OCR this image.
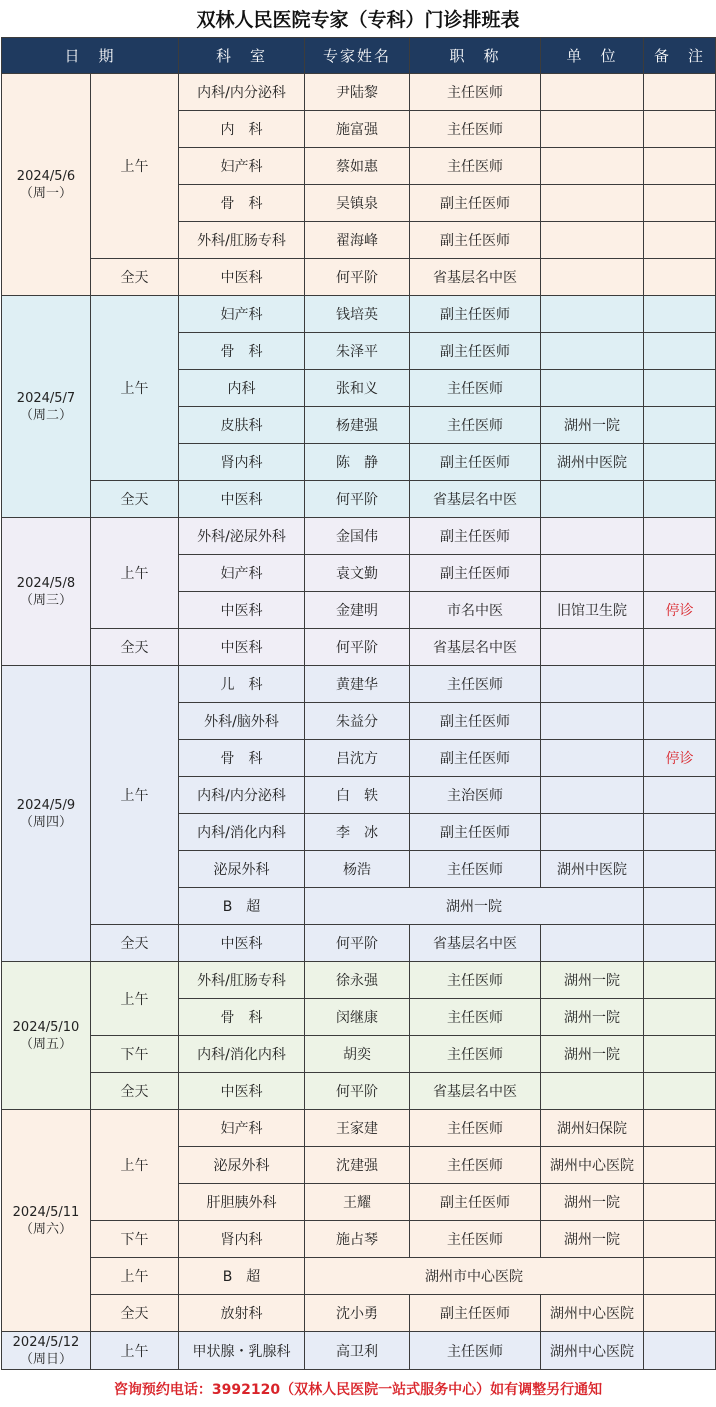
双林人民医院专家（专科）门诊排班表
日　期		科　室	专家姓名	职　称	单　位	备　注

2024/5/6
（周一）	上午	内科/内分泌科	尹陆黎	主任医师		
		内　科	施富强	主任医师		
		妇产科	蔡如惠	主任医师		
		骨　科	吴镇泉	副主任医师		
		外科/肛肠专科	翟海峰	副主任医师		
	全天	中医科	何平阶	省基层名中医		

2024/5/7
（周二）	上午	妇产科	钱培英	副主任医师		
		骨　科	朱泽平	副主任医师		
		内科	张和义	主任医师		
		皮肤科	杨建强	主任医师	湖州一院	
		肾内科	陈　静	副主任医师	湖州中医院	
	全天	中医科	何平阶	省基层名中医		

2024/5/8
（周三）	上午	外科/泌尿外科	金国伟	副主任医师		
		妇产科	袁文勤	副主任医师		
		中医科	金建明	市名中医	旧馆卫生院	停诊
	全天	中医科	何平阶	省基层名中医		

2024/5/9
（周四）	上午	儿　科	黄建华	主任医师		
		外科/脑外科	朱益分	副主任医师		
		骨　科	吕沈方	副主任医师		停诊
		内科/内分泌科	白　轶	主治医师		
		内科/消化内科	李　冰	副主任医师		
		泌尿外科	杨浩	主任医师	湖州中医院	
		B　超	湖州一院			
	全天	中医科	何平阶	省基层名中医		

2024/5/10
（周五）	上午	外科/肛肠专科	徐永强	主任医师	湖州一院	
		骨　科	闵继康	主任医师	湖州一院	
	下午	内科/消化内科	胡奕	主任医师	湖州一院	
	全天	中医科	何平阶	省基层名中医		

2024/5/11
（周六）	上午	妇产科	王家建	主任医师	湖州妇保院	
		泌尿外科	沈建强	主任医师	湖州中心医院	
		肝胆胰外科	王耀	副主任医师	湖州一院	
	下午	肾内科	施占琴	主任医师	湖州一院	
	上午	B　超	湖州市中心医院			
	全天	放射科	沈小勇	副主任医师	湖州中心医院	

2024/5/12
（周日）	上午	甲状腺・乳腺科	高卫利	主任医师	湖州中心医院	
咨询预约电话：3992120（双林人民医院一站式服务中心）如有调整另行通知
